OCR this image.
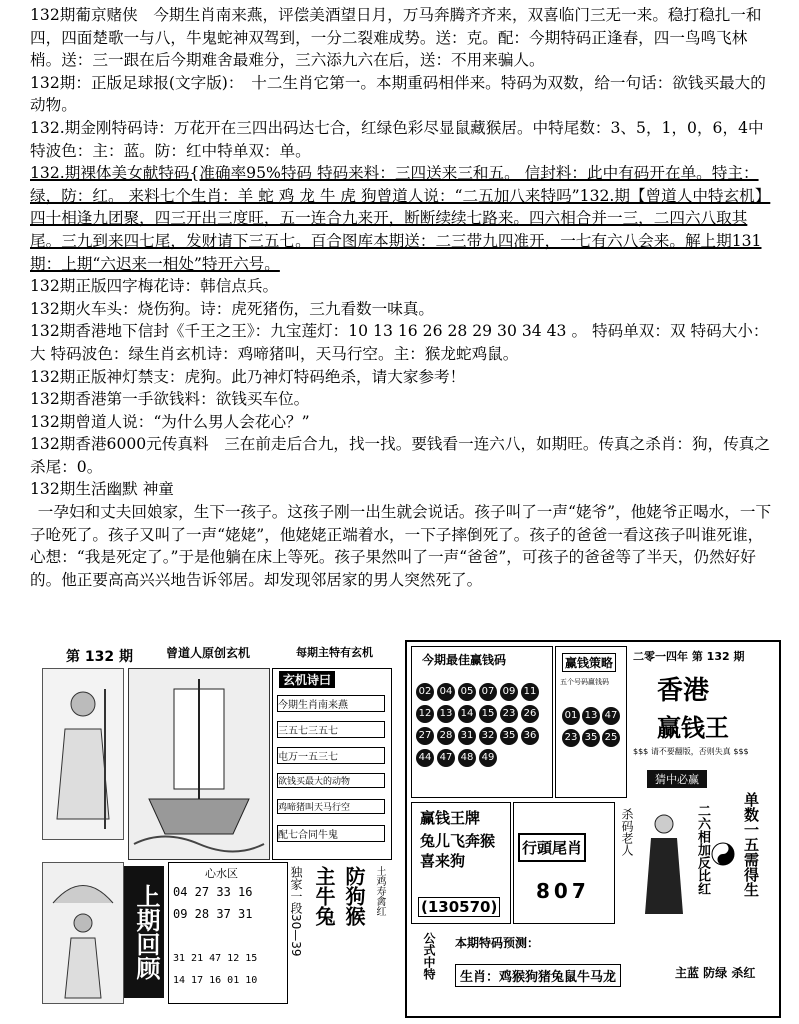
132期葡京赌侠　今期生肖南来燕，评偿美酒望日月，万马奔腾齐齐来，双喜临门三无一来。稳打稳扎一和四，四面楚歌一与八，牛鬼蛇神双驾到，一分二裂难成势。送：克。配：今期特码正逢春，四一鸟鸣飞林梢。送：三一跟在后今期难舍最难分，三六添九六在后，送：不用来骗人。

132期：正版足球报(文字版)：　十二生肖它第一。本期重码相伴来。特码为双数，给一句话：欲钱买最大的动物。

132.期金刚特码诗：万花开在三四出码达七合，红绿色彩尽显鼠藏猴居。中特尾数：3、5，1，0，6，4中特波色：主：蓝。防：红中特单双：单。

132.期裸体美女献特码{准确率95%特码 特码来料：三四送来三和五。 信封料：此中有码开在单。特主：绿，防：红。 来料七个生肖：羊 蛇 鸡 龙 牛 虎 狗曾道人说：“二五加八来特吗”132.期【曾道人中特玄机】四十相逢九团聚，四三开出三度旺，五一连合九来开，断断续续七路来。四六相合并一三，二四六八取其尾。三九到来四七尾，发财请下三五七。百合图库本期送：二三带九四准开，一七有六八会来。解上期131期：上期“六迟来一相处”特开六号。

132期正版四字梅花诗：韩信点兵。

132期火车头：烧伤狗。诗：虎死猪伤，三九看数一味真。

132期香港地下信封《千王之王》：九宝莲灯：10 13 16 26 28 29 30 34 43 。 特码单双：双 特码大小：大 特码波色：绿生肖玄机诗：鸡啼猪叫，天马行空。主：猴龙蛇鸡鼠。

132期正版神灯禁支：虎狗。此乃神灯特码绝杀，请大家参考！

132期香港第一手欲钱料：欲钱买车位。

132期曾道人说：“为什么男人会花心？”

132期香港6000元传真料　三在前走后合九，找一找。要钱看一连六八，如期旺。传真之杀肖：狗，传真之杀尾：0。

132期生活幽默 神童

一孕妇和丈夫回娘家，生下一孩子。这孩子刚一出生就会说话。孩子叫了一声“姥爷”，他姥爷正喝水，一下子呛死了。孩子又叫了一声“姥姥”，他姥姥正端着水，一下子摔倒死了。孩子的爸爸一看这孩子叫谁死谁，心想：“我是死定了。”于是他躺在床上等死。孩子果然叫了一声“爸爸”，可孩子的爸爸等了半天，仍然好好的。他正要高高兴兴地告诉邻居。却发现邻居家的男人突然死了。

第 132 期	曾道人原创玄机	每期主特有玄机
玄机诗曰
今期生肖南来燕
三五七三五七
屯万一五三七
欲钱买最大的动物
鸡啼猪叫天马行空
配七合同牛鬼
上期回顾
心水区
04 27 33 16
09 28 37 31
31 21 47 12 15
14 17 16 01 10
独家一段30—39 主牛兔 防狗猴 土鸡寿禽红
今期最佳赢钱码
02 04 05 07 09 11
12 13 14 15 23 26
27 28 31 32 35 36
44 47 48 49
赢钱策略
五个号码赢钱码
01 13 47
23 35 25
二零一四年 第 132 期
香港
赢钱王
$$$ 请不要翻版，否则失真 $$$
猜中必赢
赢钱王牌
兔儿飞奔猴喜来狗
(130570)
行頭尾肖
807
杀码老人	二六相加反比红 单数一五需得生
公式中特 本期特码预测：
生肖：鸡猴狗猪兔鼠牛马龙	主蓝 防绿 杀红
